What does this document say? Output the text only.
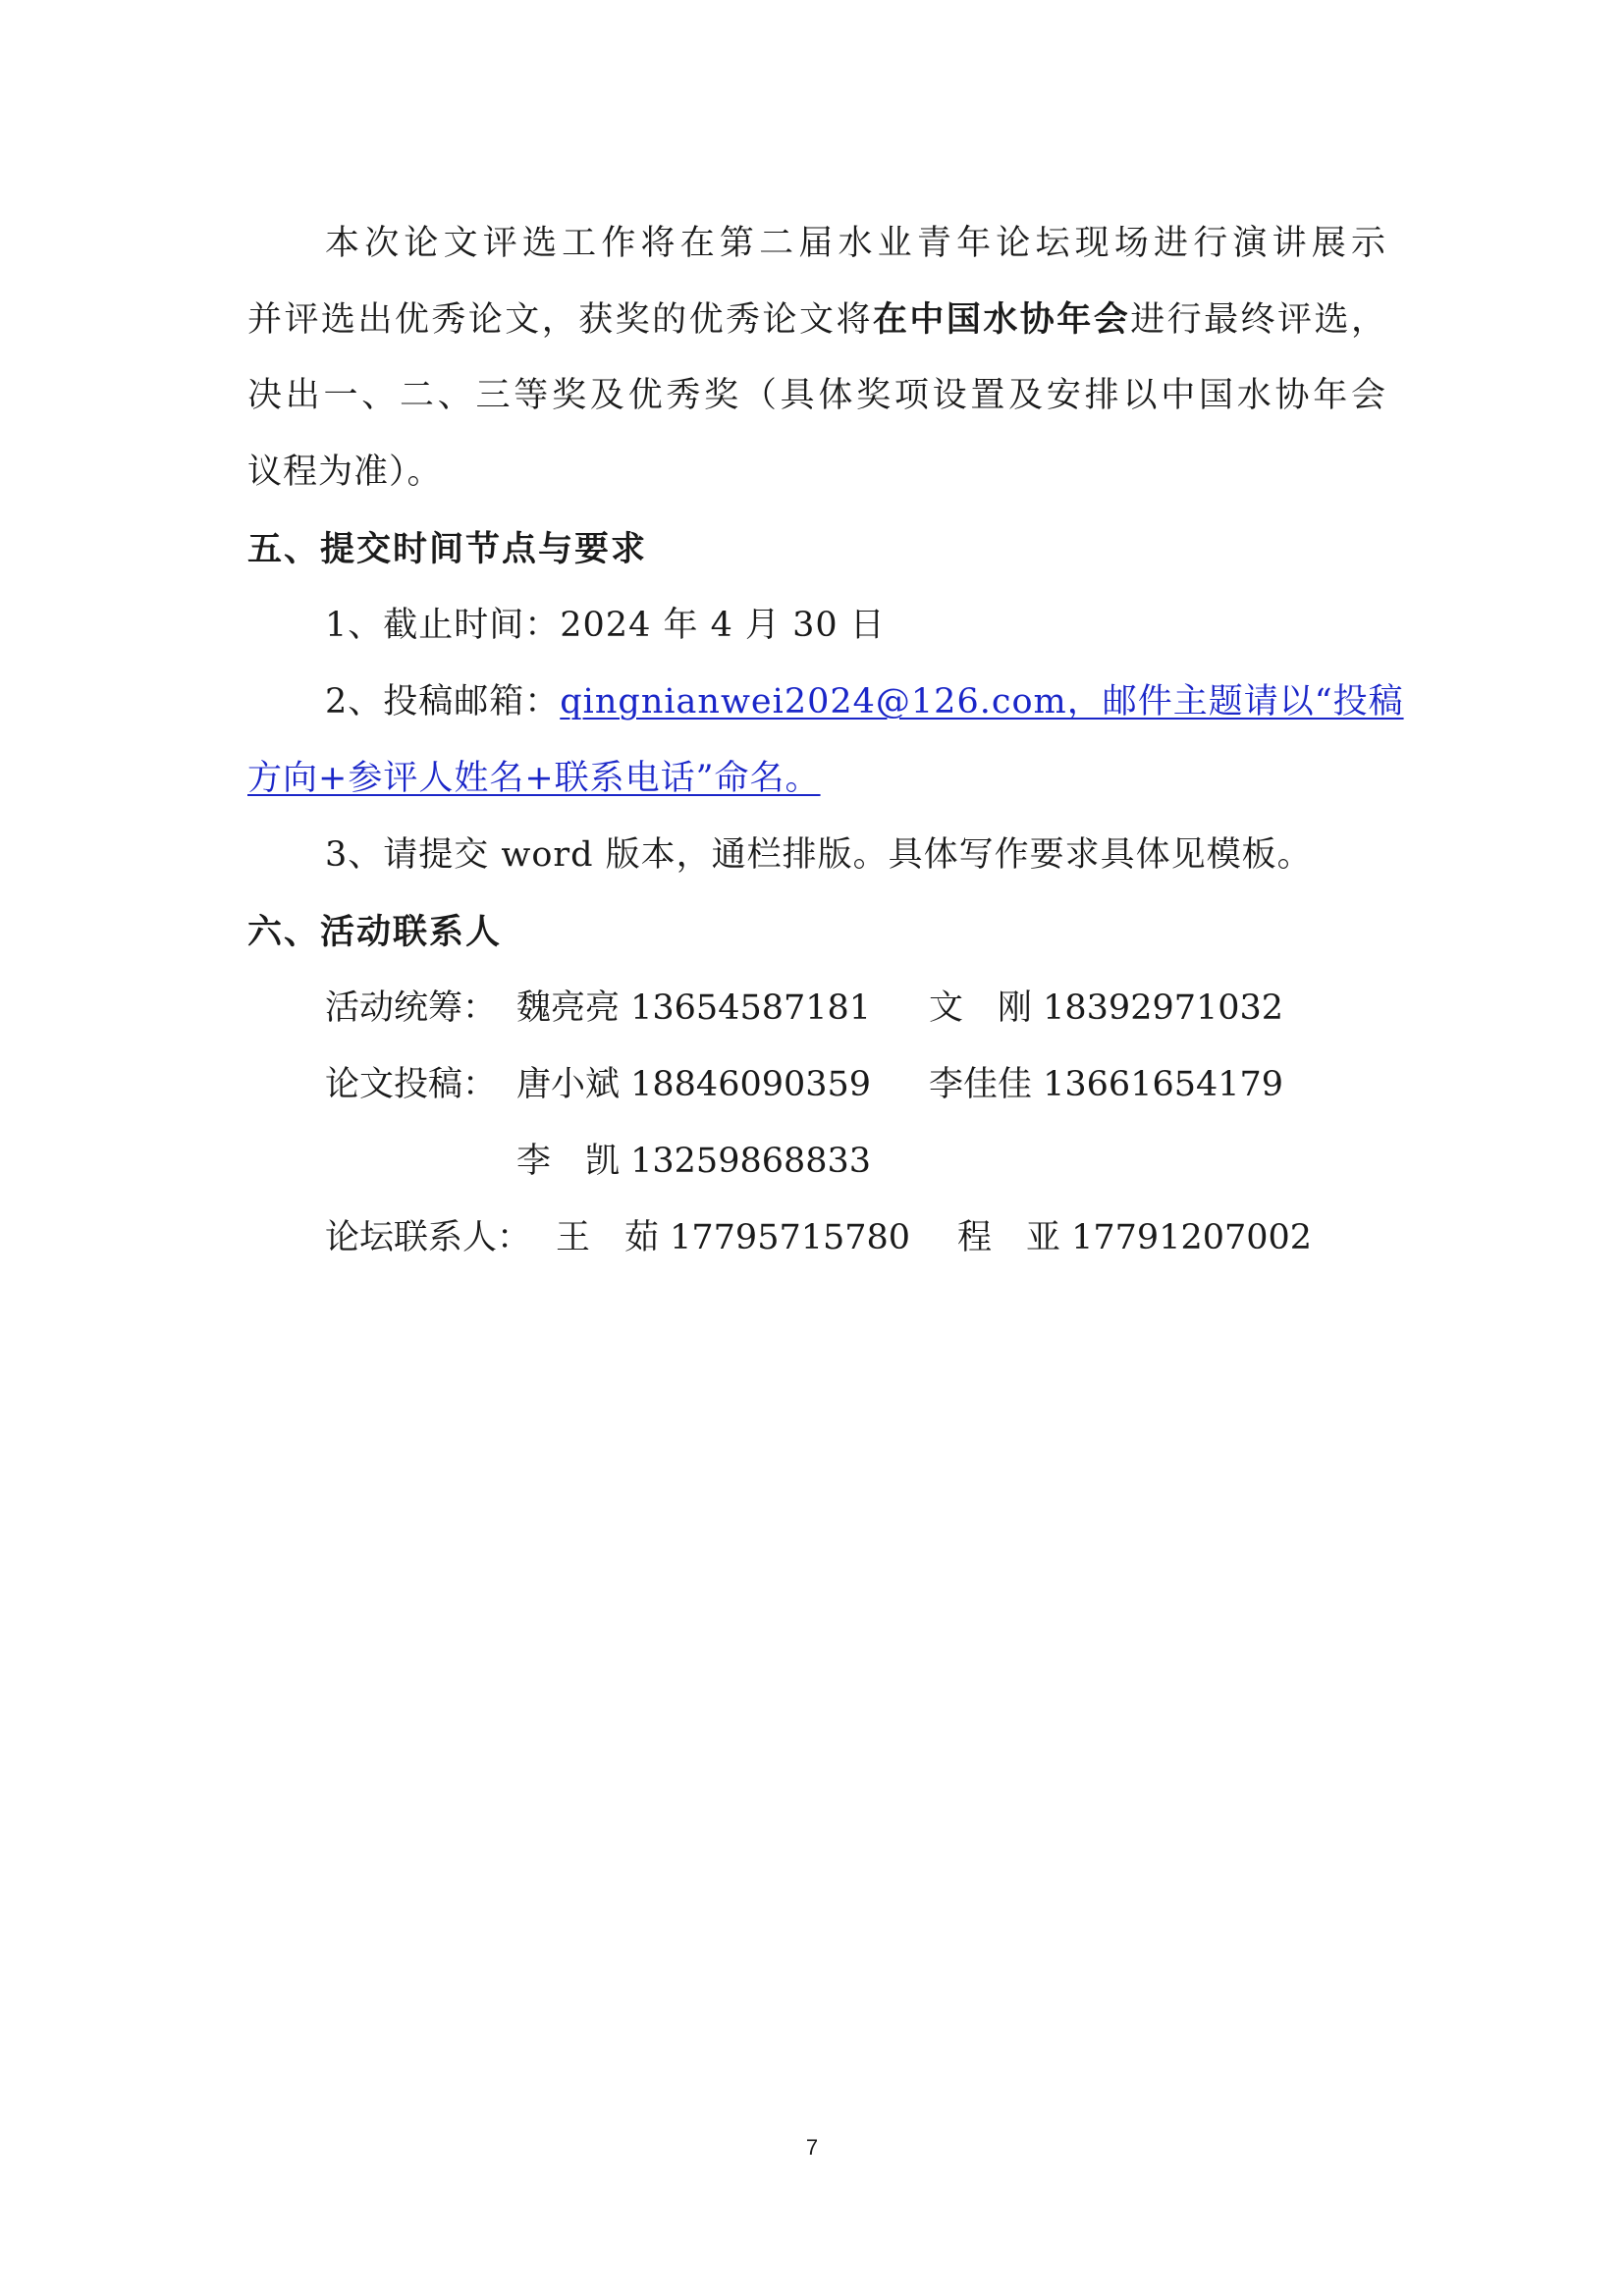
本次论文评选工作将在第二届水业青年论坛现场进行演讲展示
并评选出优秀论文，获奖的优秀论文将在中国水协年会进行最终评选，
决出一、二、三等奖及优秀奖（具体奖项设置及安排以中国水协年会
议程为准）。
五、提交时间节点与要求
1、截止时间：2024 年 4 月 30 日
2、投稿邮箱：qingnianwei2024@126.com，邮件主题请以“投稿
方向+参评人姓名+联系电话”命名。
3、请提交 word 版本，通栏排版。具体写作要求具体见模板。
六、活动联系人
活动统筹： 魏亮亮 13654587181 文　刚 18392971032
论文投稿： 唐小斌 18846090359 李佳佳 13661654179
李　凯 13259868833
论坛联系人： 王　茹 17795715780 程　亚 17791207002
7
